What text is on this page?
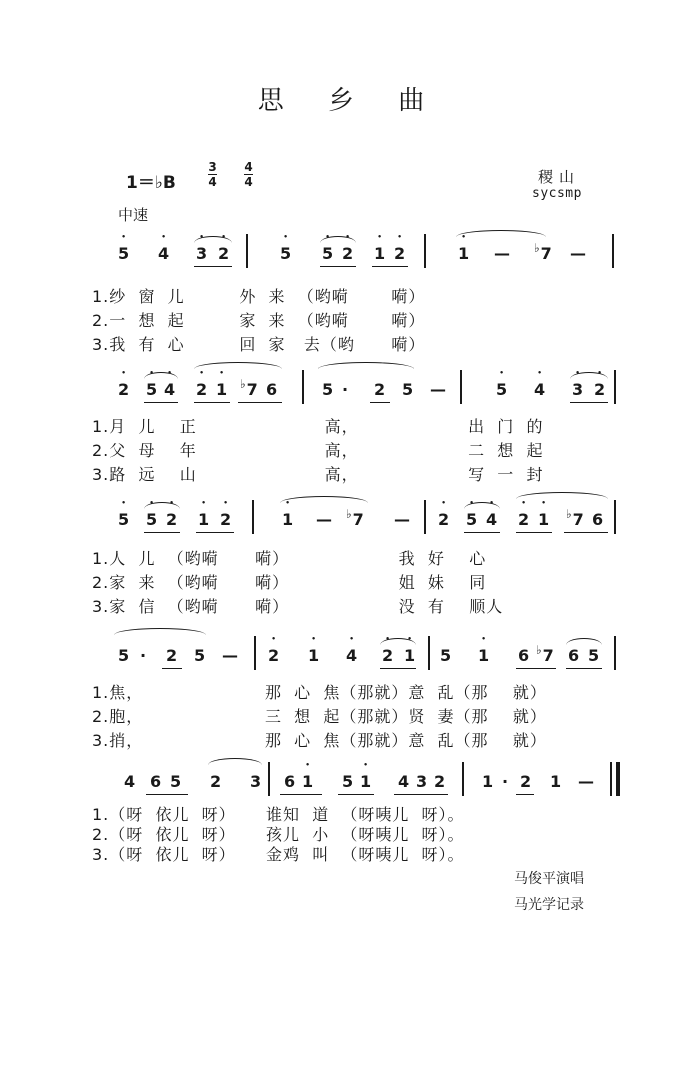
思 乡 曲
1＝♭B
3
4
4
4	稷山
sycsmp
中速
• 5 • 4 • 3 • 2	• 5 • 5 • 2 • 1 • 2	• 1 — ♭7 —
1.纱  窗  儿         外  来  （哟嗬       嗬）
2.一  想  起         家  来  （哟嗬       嗬）
3.我  有  心         回  家   去（哟      嗬）
• 2 • 5 • 4 • 2 • 1 ♭7 6	5 · 2 5 —	• 5 • 4 • 3 • 2
1.月  儿    正                     高，                  出  门  的
2.父  母    年                     高，                  二  想  起
3.路  远    山                     高，                  写  一  封
• 5 • 5 • 2 • 1 • 2	• 1 — ♭7 — • 2 • 5 • 4 • 2 • 1 ♭7 6
1.人  儿  （哟嗬      嗬）                  我  好    心
2.家  来  （哟嗬      嗬）                  姐  妹    同
3.家  信  （哟嗬      嗬）                  没  有    顺人
5 · 2 5 — • 2 • 1 • 4 • 2 • 1 5 • 1 6 ♭7 6 5
1.焦，                    那  心  焦（那就）意  乱（那    就）
2.胞，                    三  想  起（那就）贤  妻（那    就）
3.捎，                    那  心  焦（那就）意  乱（那    就）
4 6 5 2 3 6 • 1 5 • 1 4 3 2 1 · 2 1 —
1.（呀  依儿  呀）     谁知  道  （呀咦儿  呀）。
2.（呀  依儿  呀）     孩儿  小  （呀咦儿  呀）。
3.（呀  依儿  呀）     金鸡  叫  （呀咦儿  呀）。
马俊平演唱
马光学记录
